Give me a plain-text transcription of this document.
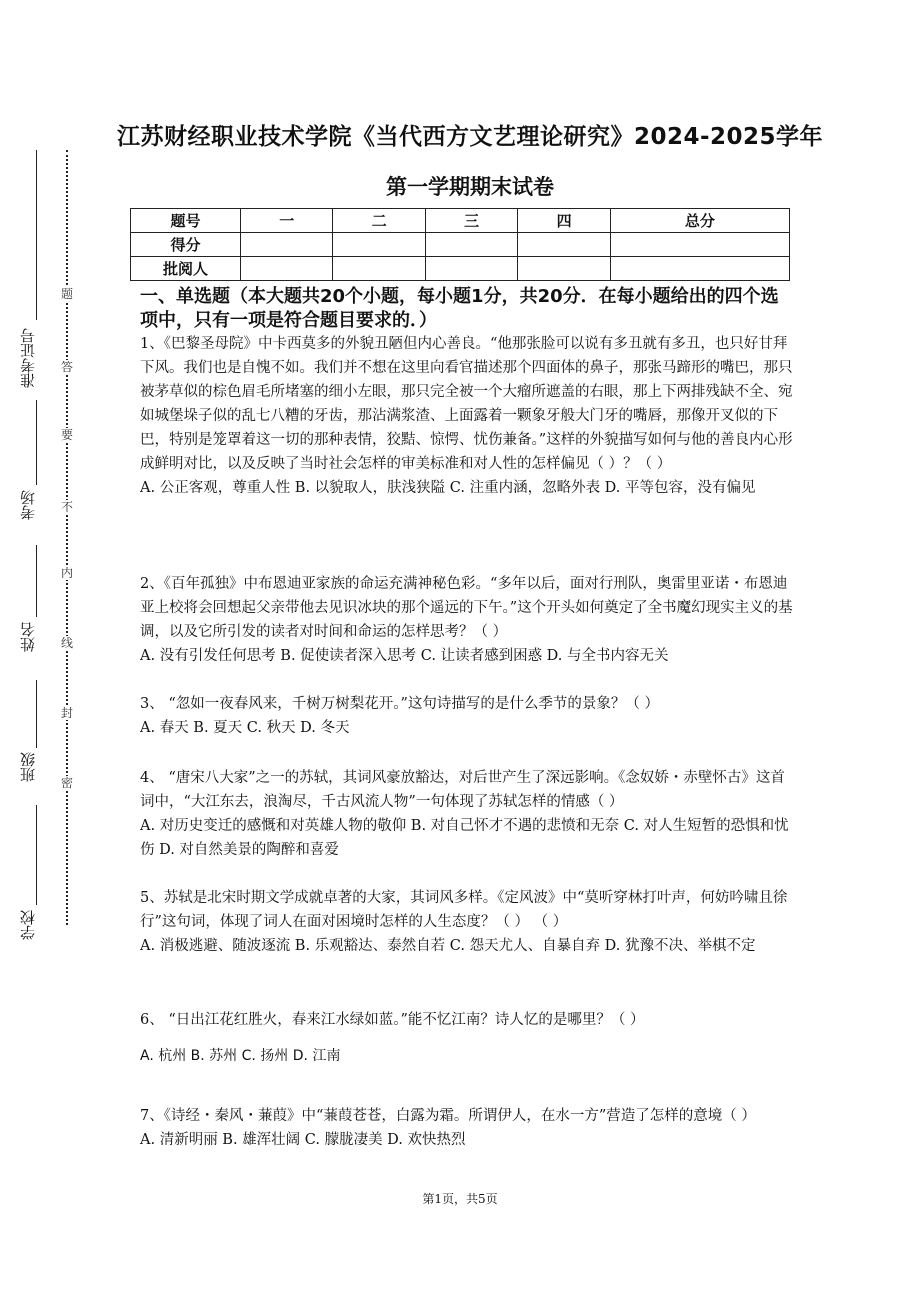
准考证号
考场
姓名
班级
学校
题
答
要
不
内
线
封
密
江苏财经职业技术学院《当代西方文艺理论研究》2024-2025学年
第一学期期末试卷
题号	一	二	三	四	总分
得分					
批阅人					
一、单选题（本大题共20个小题，每小题1分，共20分．在每小题给出的四个选项中，只有一项是符合题目要求的．）

1、《巴黎圣母院》中卡西莫多的外貌丑陋但内心善良。“他那张脸可以说有多丑就有多丑，也只好甘拜下风。我们也是自愧不如。我们并不想在这里向看官描述那个四面体的鼻子，那张马蹄形的嘴巴，那只被茅草似的棕色眉毛所堵塞的细小左眼，那只完全被一个大瘤所遮盖的右眼，那上下两排残缺不全、宛如城堡垛子似的乱七八糟的牙齿，那沾满浆渣、上面露着一颗象牙般大门牙的嘴唇，那像开叉似的下巴，特别是笼罩着这一切的那种表情，狡黠、惊愕、忧伤兼备。”这样的外貌描写如何与他的善良内心形成鲜明对比，以及反映了当时社会怎样的审美标准和对人性的怎样偏见（ ）？（ ）

A. 公正客观，尊重人性 B. 以貌取人，肤浅狭隘 C. 注重内涵，忽略外表 D. 平等包容，没有偏见

2、《百年孤独》中布恩迪亚家族的命运充满神秘色彩。“多年以后，面对行刑队，奥雷里亚诺・布恩迪亚上校将会回想起父亲带他去见识冰块的那个遥远的下午。”这个开头如何奠定了全书魔幻现实主义的基调，以及它所引发的读者对时间和命运的怎样思考？（ ）

A. 没有引发任何思考 B. 促使读者深入思考 C. 让读者感到困惑 D. 与全书内容无关

3、 “忽如一夜春风来，千树万树梨花开。”这句诗描写的是什么季节的景象？（ ）

A. 春天 B. 夏天 C. 秋天 D. 冬天

4、 “唐宋八大家”之一的苏轼，其词风豪放豁达，对后世产生了深远影响。《念奴娇・赤壁怀古》这首词中，“大江东去，浪淘尽，千古风流人物”一句体现了苏轼怎样的情感（ ）

A. 对历史变迁的感慨和对英雄人物的敬仰 B. 对自己怀才不遇的悲愤和无奈 C. 对人生短暂的恐惧和忧伤 D. 对自然美景的陶醉和喜爱

5、苏轼是北宋时期文学成就卓著的大家，其词风多样。《定风波》中“莫听穿林打叶声，何妨吟啸且徐行”这句词，体现了词人在面对困境时怎样的人生态度？（ ） （ ）

A. 消极逃避、随波逐流 B. 乐观豁达、泰然自若 C. 怨天尤人、自暴自弃 D. 犹豫不决、举棋不定

6、 “日出江花红胜火，春来江水绿如蓝。”能不忆江南？诗人忆的是哪里？（ ）

A. 杭州 B. 苏州 C. 扬州 D. 江南

7、《诗经・秦风・蒹葭》中“蒹葭苍苍，白露为霜。所谓伊人，在水一方”营造了怎样的意境（ ）

A. 清新明丽 B. 雄浑壮阔 C. 朦胧凄美 D. 欢快热烈

第1页，共5页
